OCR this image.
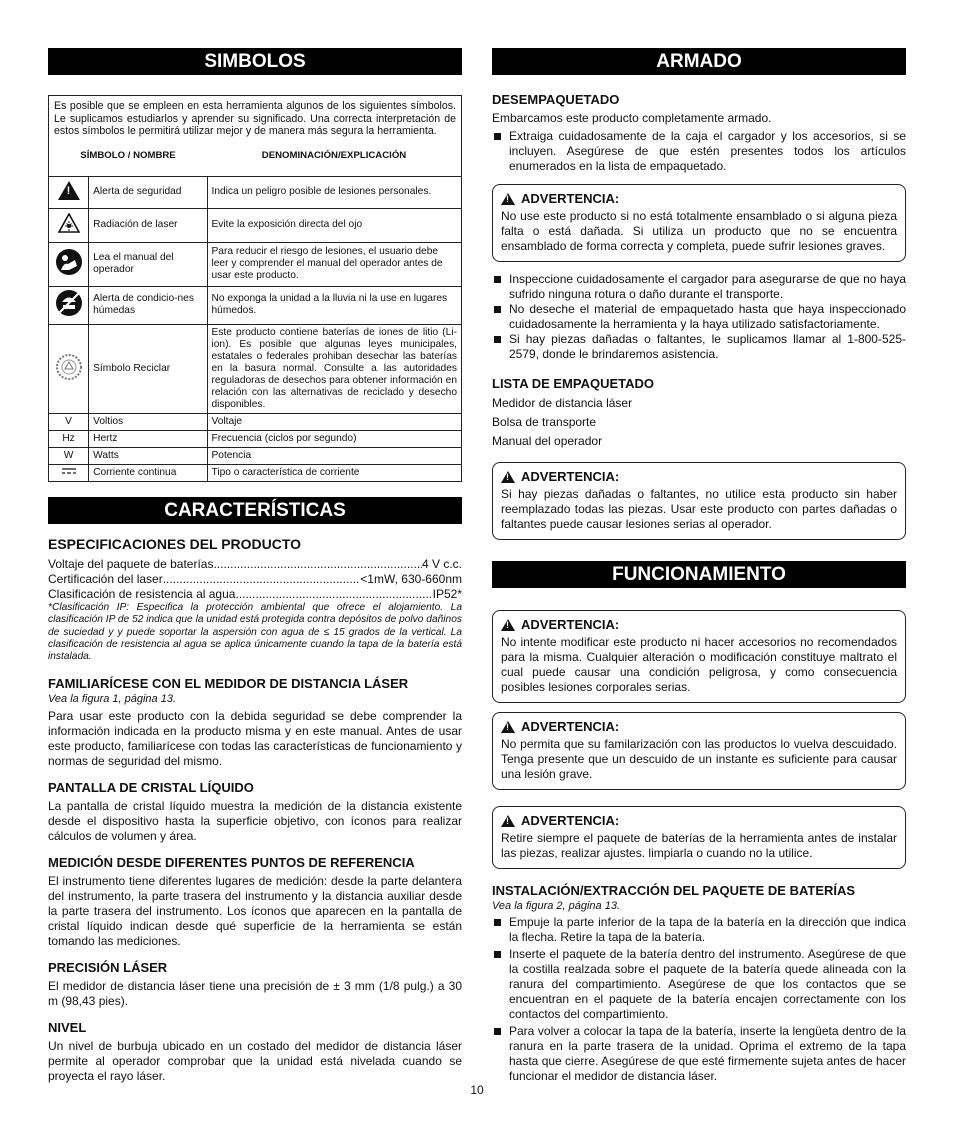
SIMBOLOS
Es posible que se empleen en esta herramienta algunos de los siguientes símbolos. Le suplicamos estudiarlos y aprender su significado. Una correcta interpretación de estos símbolos le permitirá utilizar mejor y de manera más segura la herramienta.
SÍMBOLO / NOMBRE		DENOMINACIÓN/EXPLICACIÓN
!	Alerta de seguridad	Indica un peligro posible de lesiones personales.
	Radiación de laser	Evite la exposición directa del ojo
	Lea el manual del operador	Para reducir el riesgo de lesiones, el usuario debe leer y comprender el manual del operador antes de usar este producto.
	Alerta de condicio-nes húmedas	No exponga la unidad a la lluvia ni la use en lugares húmedos.
	Símbolo Reciclar	Este producto contiene baterías de iones de litio (Li-ion). Es posible que algunas leyes municipales, estatales o federales prohiban desechar las baterías en la basura normal. Consulte a las autoridades reguladoras de desechos para obtener información en relación con las alternativas de reciclado y desecho disponibles.
V	Voltios	Voltaje
Hz	Hertz	Frecuencia (ciclos por segundo)
W	Watts	Potencia
	Corriente continua	Tipo o característica de corriente
CARACTERÍSTICAS
ESPECIFICACIONES DEL PRODUCTO
Voltaje del paquete de baterías .....	4 V c.c.
Certificación del laser .....	<1mW, 630-660nm
Clasificación de resistencia al agua .....	IP52*

*Clasificación IP: Especifica la protección ambiental que ofrece el alojamiento. La clasificación IP de 52 indica que la unidad está protegida contra depósitos de polvo dañinos de suciedad y y puede soportar la aspersión con agua de ≤ 15 grados de la vertical. La clasificación de resistencia al agua se aplica únicamente cuando la tapa de la batería está instalada.

FAMILIARÍCESE CON EL MEDIDOR DE DISTANCIA LÁSER

Vea la figura 1, página 13.

Para usar este producto con la debida seguridad se debe comprender la información indicada en la producto misma y en este manual. Antes de usar este producto, familiarícese con todas las características de funcionamiento y normas de seguridad del mismo.

PANTALLA DE CRISTAL LÍQUIDO

La pantalla de cristal líquido muestra la medición de la distancia existente desde el dispositivo hasta la superficie objetivo, con íconos para realizar cálculos de volumen y área.

MEDICIÓN DESDE DIFERENTES PUNTOS DE REFERENCIA

El instrumento tiene diferentes lugares de medición: desde la parte delantera del instrumento, la parte trasera del instrumento y la distancia auxiliar desde la parte trasera del instrumento. Los íconos que aparecen en la pantalla de cristal líquido indican desde qué superficie de la herramienta se están tomando las mediciones.

PRECISIÓN LÁSER

El medidor de distancia láser tiene una precisión de ± 3 mm (1/8 pulg.) a 30 m (98,43 pies).

NIVEL

Un nivel de burbuja ubicado en un costado del medidor de distancia láser permite al operador comprobar que la unidad está nivelada cuando se proyecta el rayo láser.

ARMADO
DESEMPAQUETADO

Embarcamos este producto completamente armado.

Extraiga cuidadosamente de la caja el cargador y los accesorios, si se incluyen. Asegúrese de que estén presentes todos los artículos enumerados en la lista de empaquetado.
!
ADVERTENCIA:

No use este producto si no está totalmente ensamblado o si alguna pieza falta o está dañada. Si utiliza un producto que no se encuentra ensamblado de forma correcta y completa, puede sufrir lesiones graves.

Inspeccione cuidadosamente el cargador para asegurarse de que no haya sufrido ninguna rotura o daño durante el transporte.
No deseche el material de empaquetado hasta que haya inspeccionado cuidadosamente la herramienta y la haya utilizado satisfactoriamente.
Si hay piezas dañadas o faltantes, le suplicamos llamar al 1-800-525-2579, donde le brindaremos asistencia.
LISTA DE EMPAQUETADO

Medidor de distancia láser

Bolsa de transporte

Manual del operador

!
ADVERTENCIA:

Si hay piezas dañadas o faltantes, no utilice esta producto sin haber reemplazado todas las piezas. Usar este producto con partes dañadas o faltantes puede causar lesiones serias al operador.

FUNCIONAMIENTO
!
ADVERTENCIA:

No intente modificar este producto ni hacer accesorios no recomendados para la misma. Cualquier alteración o modificación constituye maltrato el cual puede causar una condición peligrosa, y como consecuencia posibles lesiones corporales serias.

!
ADVERTENCIA:

No permita que su familarización con las productos lo vuelva descuidado. Tenga presente que un descuido de un instante es suficiente para causar una lesión grave.

!
ADVERTENCIA:

Retire siempre el paquete de baterías de la herramienta antes de instalar las piezas, realizar ajustes. limpiarla o cuando no la utilice.

INSTALACIÓN/EXTRACCIÓN DEL PAQUETE DE BATERÍAS

Vea la figura 2, página 13.

Empuje la parte inferior de la tapa de la batería en la dirección que indica la flecha. Retire la tapa de la batería.
Inserte el paquete de la batería dentro del instrumento. Asegúrese de que la costilla realzada sobre el paquete de la batería quede alineada con la ranura del compartimiento. Asegúrese de que los contactos que se encuentran en el paquete de la batería encajen correctamente con los contactos del compartimiento.
Para volver a colocar la tapa de la batería, inserte la lengüeta dentro de la ranura en la parte trasera de la unidad. Oprima el extremo de la tapa hasta que cierre. Asegúrese de que esté firmemente sujeta antes de hacer funcionar el medidor de distancia láser.
10
